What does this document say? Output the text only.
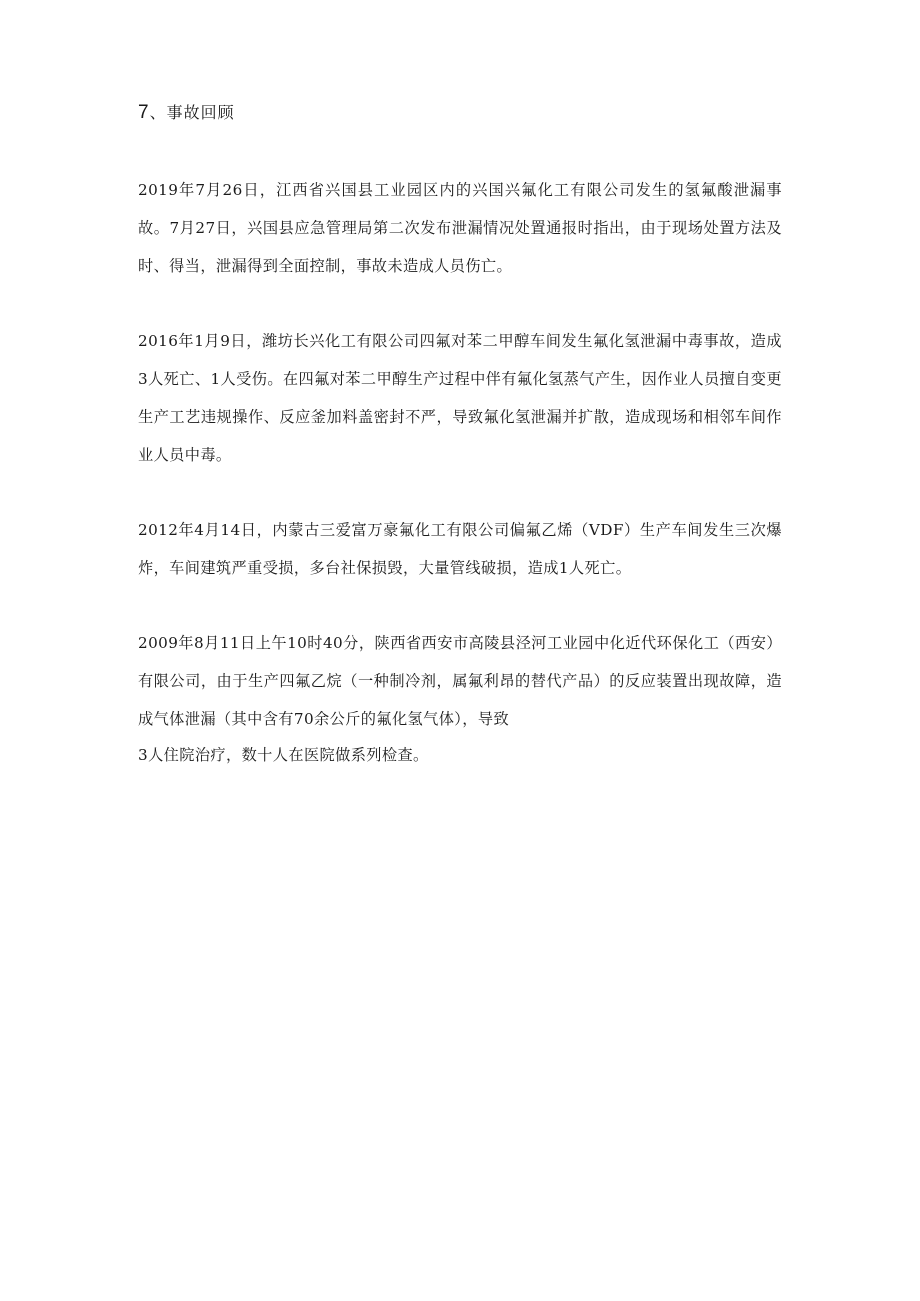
7、事故回顾

2019年7月26日，江西省兴国县工业园区内的兴国兴氟化工有限公司发生的氢氟酸泄漏事故。7月27日，兴国县应急管理局第二次发布泄漏情况处置通报时指出，由于现场处置方法及时、得当，泄漏得到全面控制，事故未造成人员伤亡。

2016年1月9日，潍坊长兴化工有限公司四氟对苯二甲醇车间发生氟化氢泄漏中毒事故，造成3人死亡、1人受伤。在四氟对苯二甲醇生产过程中伴有氟化氢蒸气产生，因作业人员擅自变更生产工艺违规操作、反应釜加料盖密封不严，导致氟化氢泄漏并扩散，造成现场和相邻车间作业人员中毒。

2012年4月14日，内蒙古三爱富万豪氟化工有限公司偏氟乙烯（VDF）生产车间发生三次爆炸，车间建筑严重受损，多台社保损毁，大量管线破损，造成1人死亡。

2009年8月11日上午10时40分，陕西省西安市高陵县泾河工业园中化近代环保化工（西安）有限公司，由于生产四氟乙烷（一种制冷剂，属氟利昂的替代产品）的反应装置出现故障，造成气体泄漏（其中含有70余公斤的氟化氢气体），导致

3人住院治疗，数十人在医院做系列检查。
